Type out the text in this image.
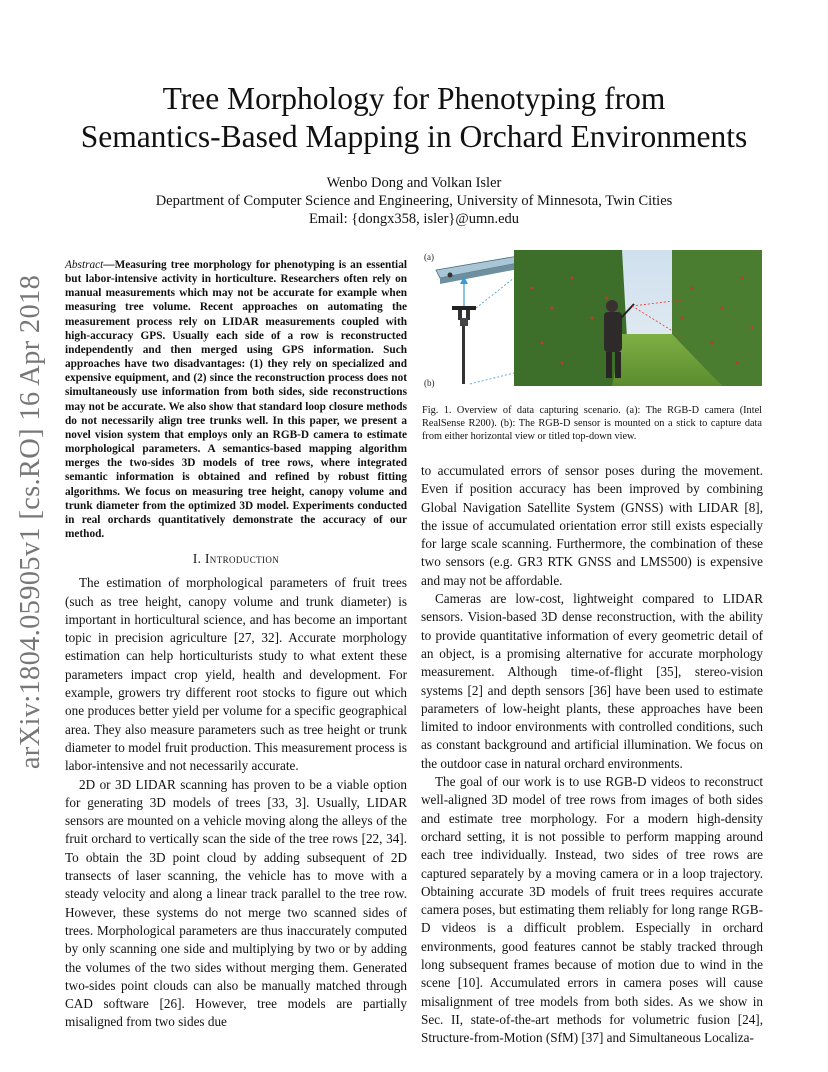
arXiv:1804.05905v1 [cs.RO] 16 Apr 2018
Tree Morphology for Phenotyping from
Semantics-Based Mapping in Orchard Environments
Wenbo Dong and Volkan Isler
Department of Computer Science and Engineering, University of Minnesota, Twin Cities
Email: {dongx358, isler}@umn.edu
Abstract—Measuring tree morphology for phenotyping is an essential but labor-intensive activity in horticulture. Researchers often rely on manual measurements which may not be accurate for example when measuring tree volume. Recent approaches on automating the measurement process rely on LIDAR measurements coupled with high-accuracy GPS. Usually each side of a row is reconstructed independently and then merged using GPS information. Such approaches have two disadvantages: (1) they rely on specialized and expensive equipment, and (2) since the reconstruction process does not simultaneously use information from both sides, side reconstructions may not be accurate. We also show that standard loop closure methods do not necessarily align tree trunks well. In this paper, we present a novel vision system that employs only an RGB-D camera to estimate morphological parameters. A semantics-based mapping algorithm merges the two-sides 3D models of tree rows, where integrated semantic information is obtained and refined by robust fitting algorithms. We focus on measuring tree height, canopy volume and trunk diameter from the optimized 3D model. Experiments conducted in real orchards quantitatively demonstrate the accuracy of our method.

I. Introduction

The estimation of morphological parameters of fruit trees (such as tree height, canopy volume and trunk diameter) is important in horticultural science, and has become an important topic in precision agriculture [27, 32]. Accurate morphology estimation can help horticulturists study to what extent these parameters impact crop yield, health and development. For example, growers try different root stocks to figure out which one produces better yield per volume for a specific geographical area. They also measure parameters such as tree height or trunk diameter to model fruit production. This measurement process is labor-intensive and not necessarily accurate.

2D or 3D LIDAR scanning has proven to be a viable option for generating 3D models of trees [33, 3]. Usually, LIDAR sensors are mounted on a vehicle moving along the alleys of the fruit orchard to vertically scan the side of the tree rows [22, 34]. To obtain the 3D point cloud by adding subsequent of 2D transects of laser scanning, the vehicle has to move with a steady velocity and along a linear track parallel to the tree row. However, these systems do not merge two scanned sides of trees. Morphological parameters are thus inaccurately computed by only scanning one side and multiplying by two or by adding the volumes of the two sides without merging them. Generated two-sides point clouds can also be manually matched through CAD software [26]. However, tree models are partially misaligned from two sides due

(a)
(b)
Fig. 1. Overview of data capturing scenario. (a): The RGB-D camera (Intel RealSense R200). (b): The RGB-D sensor is mounted on a stick to capture data from either horizontal view or titled top-down view.

to accumulated errors of sensor poses during the movement. Even if position accuracy has been improved by combining Global Navigation Satellite System (GNSS) with LIDAR [8], the issue of accumulated orientation error still exists especially for large scale scanning. Furthermore, the combination of these two sensors (e.g. GR3 RTK GNSS and LMS500) is expensive and may not be affordable.

Cameras are low-cost, lightweight compared to LIDAR sensors. Vision-based 3D dense reconstruction, with the ability to provide quantitative information of every geometric detail of an object, is a promising alternative for accurate morphology measurement. Although time-of-flight [35], stereo-vision systems [2] and depth sensors [36] have been used to estimate parameters of low-height plants, these approaches have been limited to indoor environments with controlled conditions, such as constant background and artificial illumination. We focus on the outdoor case in natural orchard environments.

The goal of our work is to use RGB-D videos to reconstruct well-aligned 3D model of tree rows from images of both sides and estimate tree morphology. For a modern high-density orchard setting, it is not possible to perform mapping around each tree individually. Instead, two sides of tree rows are captured separately by a moving camera or in a loop trajectory. Obtaining accurate 3D models of fruit trees requires accurate camera poses, but estimating them reliably for long range RGB-D videos is a difficult problem. Especially in orchard environments, good features cannot be stably tracked through long subsequent frames because of motion due to wind in the scene [10]. Accumulated errors in camera poses will cause misalignment of tree models from both sides. As we show in Sec. II, state-of-the-art methods for volumetric fusion [24], Structure-from-Motion (SfM) [37] and Simultaneous Localiza-
